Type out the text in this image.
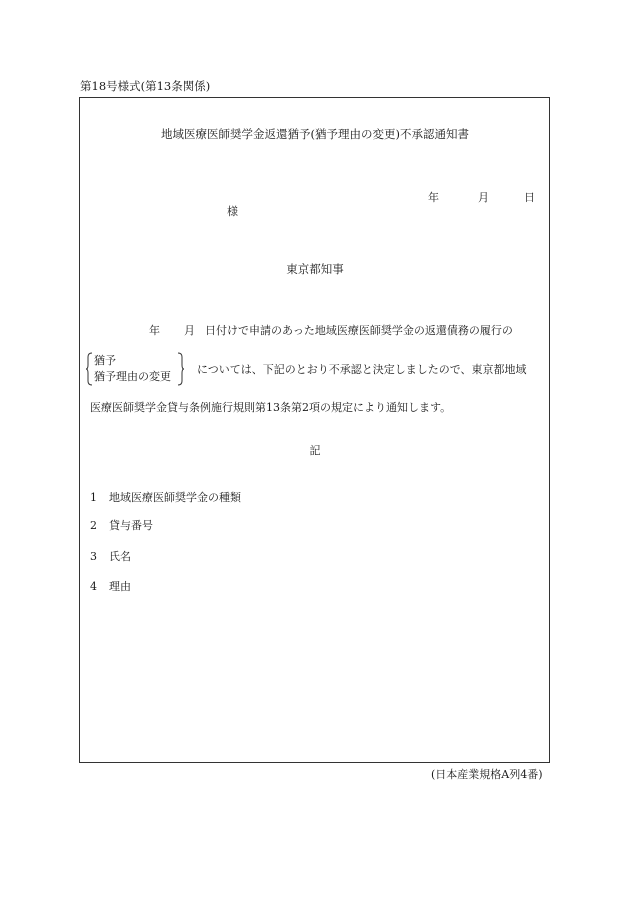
第18号様式(第13条関係)
地域医療医師奨学金返還猶予(猶予理由の変更)不承認通知書
年	月	日
様
東京都知事
年 月 日付けで申請のあった地域医療医師奨学金の返還債務の履行の
猶予
猶予理由の変更
については、下記のとおり不承認と決定しましたので、東京都地域
医療医師奨学金貸与条例施行規則第13条第2項の規定により通知します。
記
1 地域医療医師奨学金の種類
2 貸与番号
3 氏名
4 理由
(日本産業規格A列4番)
